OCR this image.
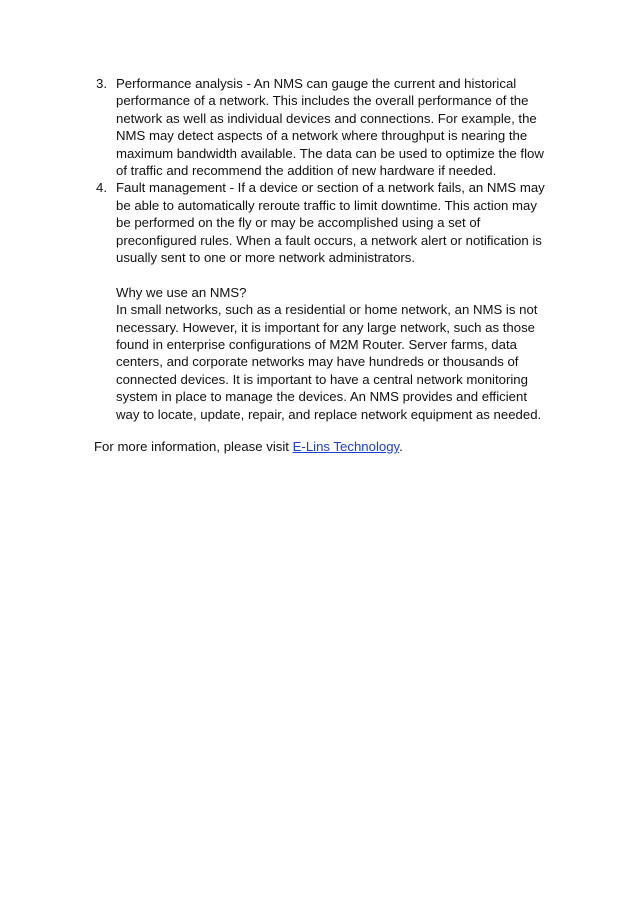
3. Performance analysis - An NMS can gauge the current and historical performance of a network. This includes the overall performance of the network as well as individual devices and connections. For example, the NMS may detect aspects of a network where throughput is nearing the maximum bandwidth available. The data can be used to optimize the flow of traffic and recommend the addition of new hardware if needed.
4. Fault management - If a device or section of a network fails, an NMS may be able to automatically reroute traffic to limit downtime. This action may be performed on the fly or may be accomplished using a set of preconfigured rules. When a fault occurs, a network alert or notification is usually sent to one or more network administrators.

Why we use an NMS?

In small networks, such as a residential or home network, an NMS is not necessary. However, it is important for any large network, such as those found in enterprise configurations of M2M Router. Server farms, data centers, and corporate networks may have hundreds or thousands of connected devices. It is important to have a central network monitoring system in place to manage the devices. An NMS provides and efficient way to locate, update, repair, and replace network equipment as needed.

For more information, please visit E-Lins Technology.
